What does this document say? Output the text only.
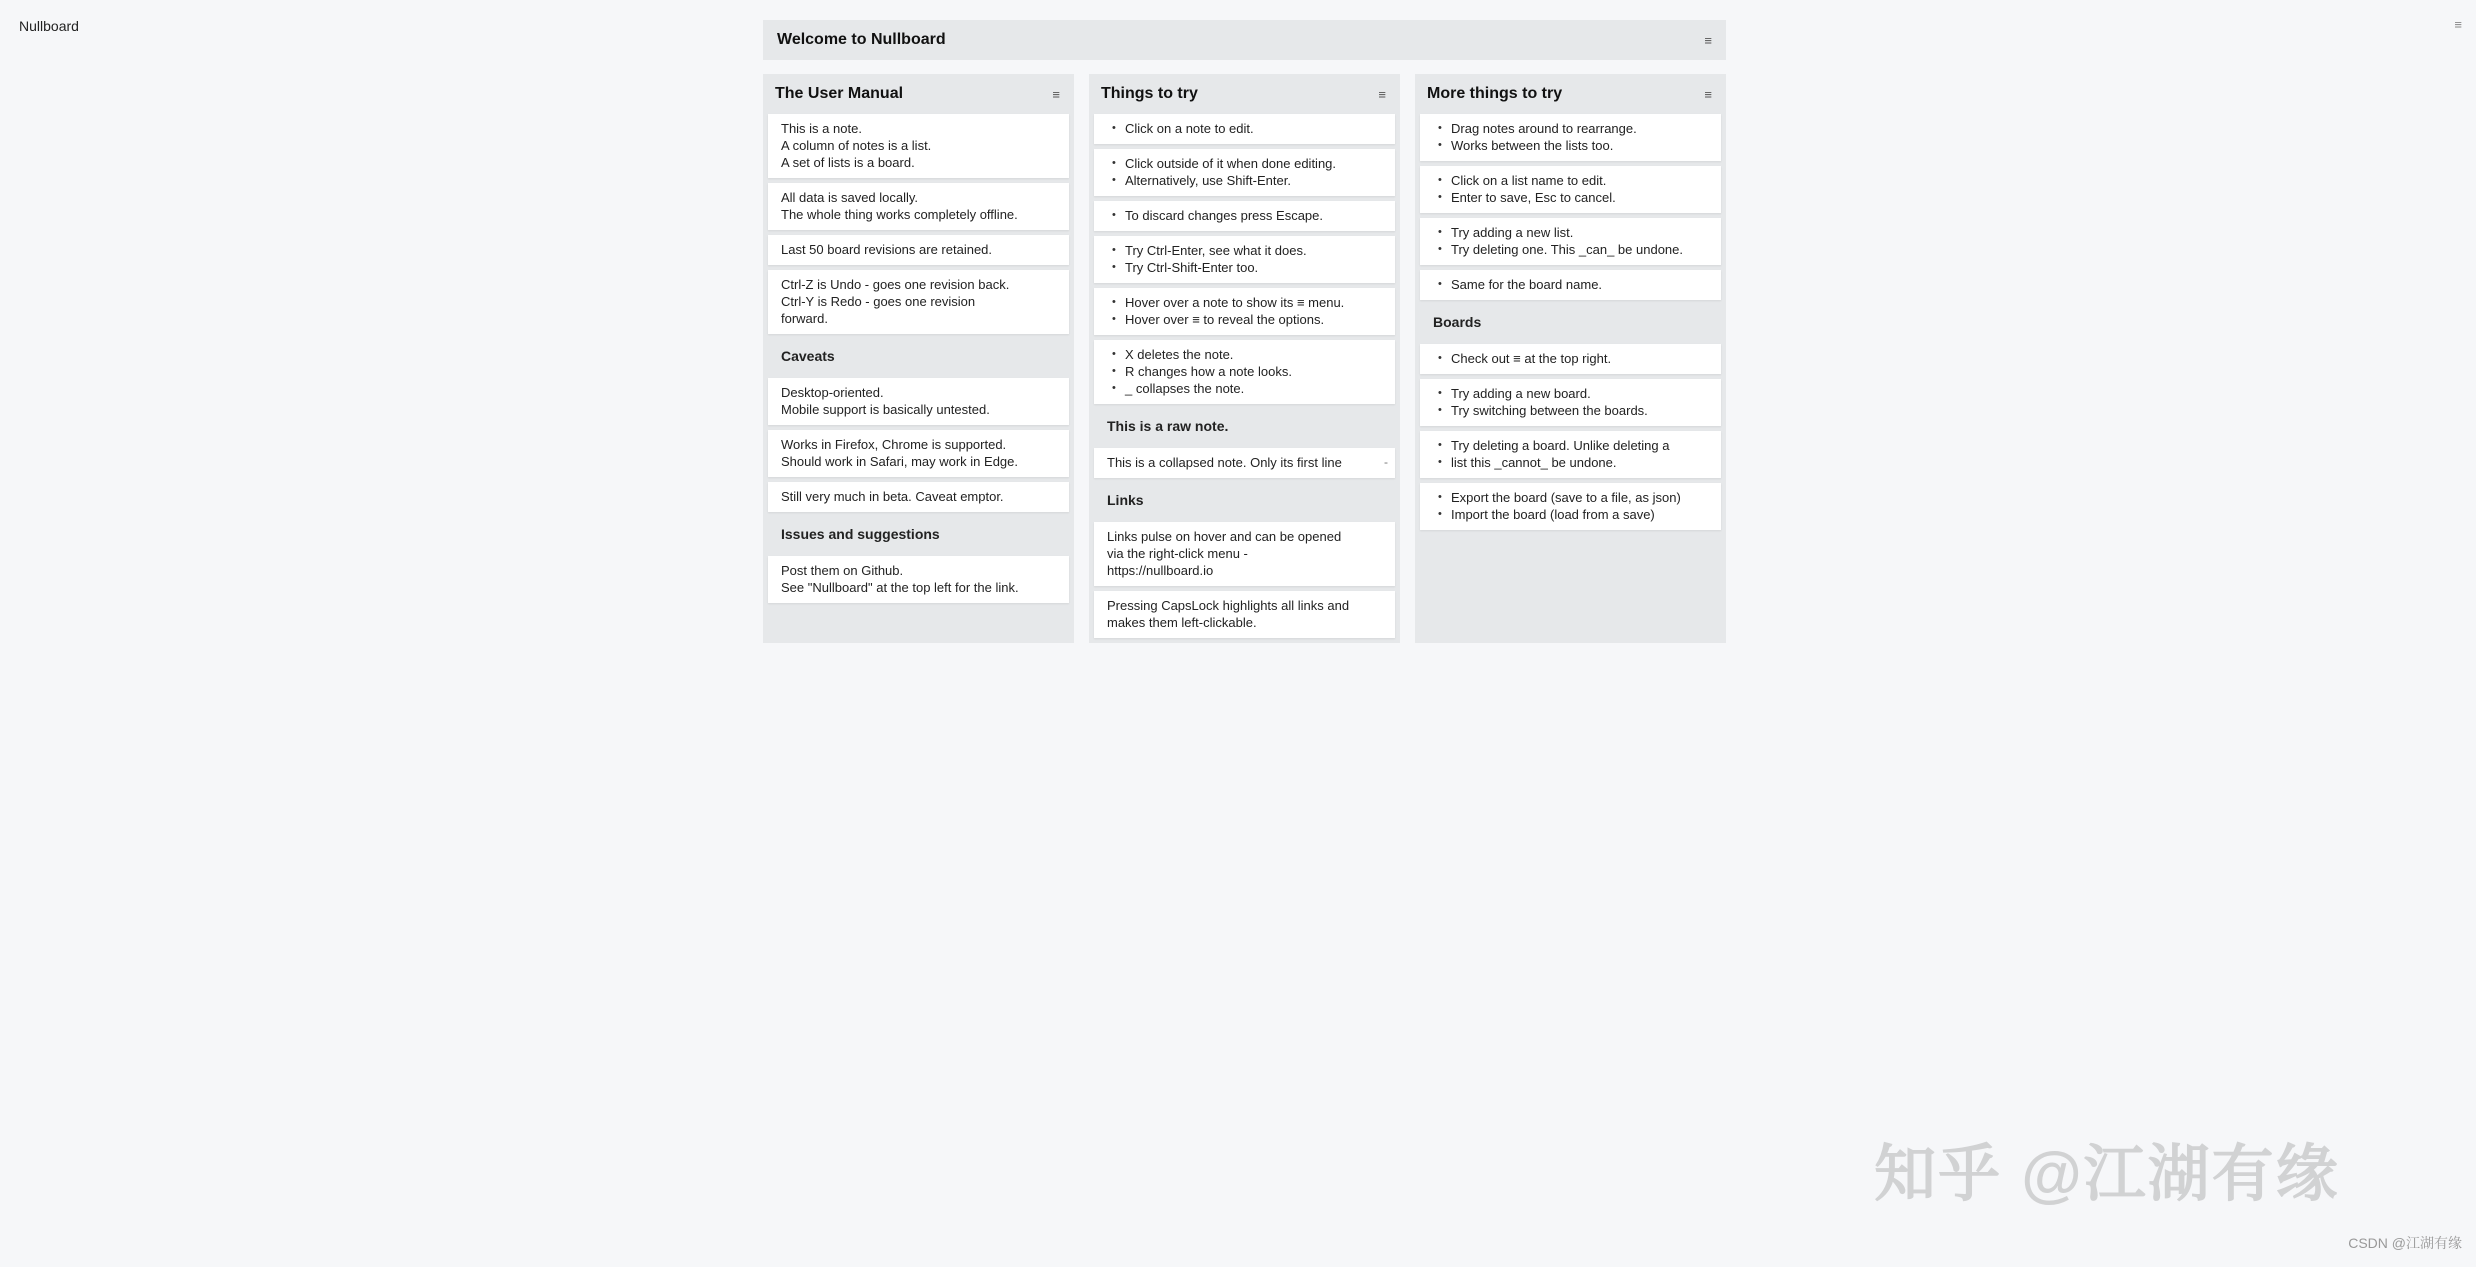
Nullboard	≡
Welcome to Nullboard	≡
The User Manual	≡
This is a note.
A column of notes is a list.
A set of lists is a board.
All data is saved locally.
The whole thing works completely offline.
Last 50 board revisions are retained.
Ctrl-Z is Undo - goes one revision back.
Ctrl-Y is Redo - goes one revision
forward.
Caveats
Desktop-oriented.
Mobile support is basically untested.
Works in Firefox, Chrome is supported.
Should work in Safari, may work in Edge.
Still very much in beta. Caveat emptor.
Issues and suggestions
Post them on Github.
See "Nullboard" at the top left for the link.
Things to try	≡
• Click on a note to edit.
• Click outside of it when done editing.
• Alternatively, use Shift-Enter.
• To discard changes press Escape.
• Try Ctrl-Enter, see what it does.
• Try Ctrl-Shift-Enter too.
• Hover over a note to show its ≡ menu.
• Hover over ≡ to reveal the options.
• X deletes the note.
• R changes how a note looks.
• _ collapses the note.
This is a raw note.
This is a collapsed note. Only its first line	-
Links
Links pulse on hover and can be opened
via the right-click menu -
https://nullboard.io
Pressing CapsLock highlights all links and
makes them left-clickable.
More things to try	≡
• Drag notes around to rearrange.
• Works between the lists too.
• Click on a list name to edit.
• Enter to save, Esc to cancel.
• Try adding a new list.
• Try deleting one. This _can_ be undone.
• Same for the board name.
Boards
• Check out ≡ at the top right.
• Try adding a new board.
• Try switching between the boards.
• Try deleting a board. Unlike deleting a
• list this _cannot_ be undone.
• Export the board (save to a file, as json)
• Import the board (load from a save)
知乎 @江湖有缘
CSDN @江湖有缘
